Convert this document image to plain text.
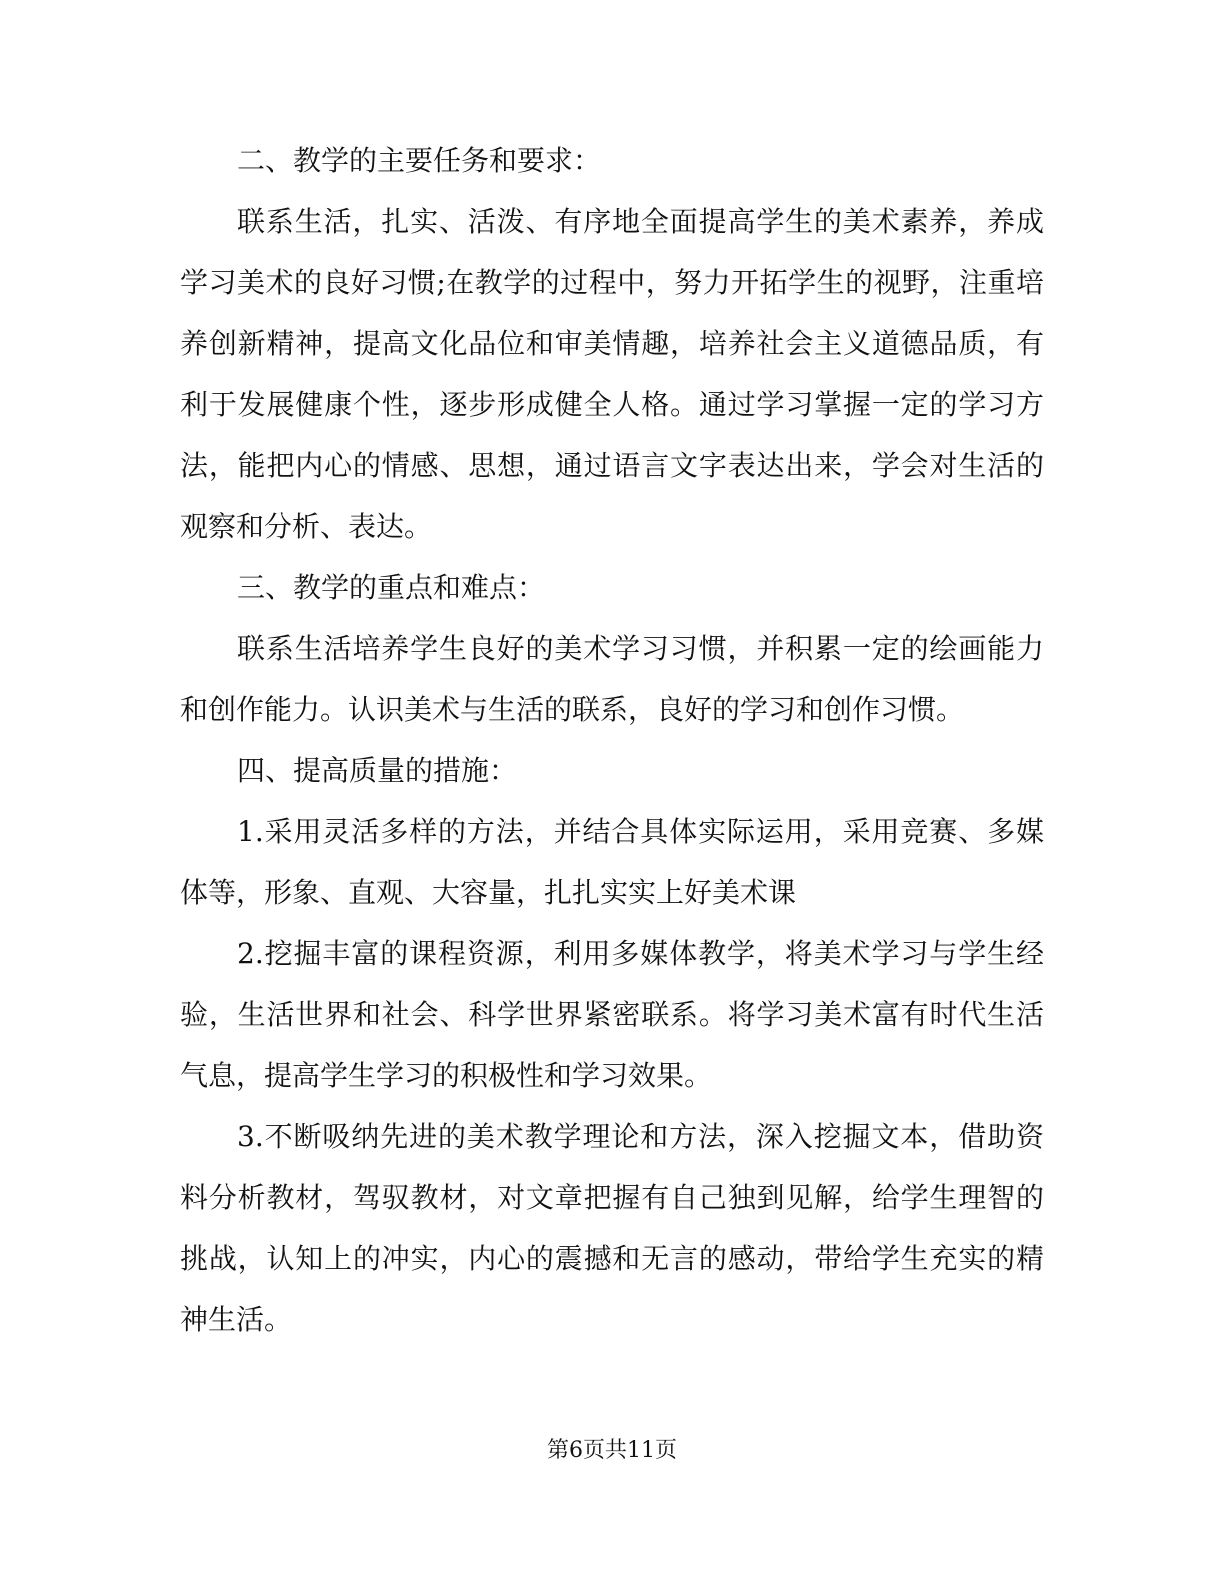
二、教学的主要任务和要求：

联系生活，扎实、活泼、有序地全面提高学生的美术素养，养成学习美术的良好习惯;在教学的过程中，努力开拓学生的视野，注重培养创新精神，提高文化品位和审美情趣，培养社会主义道德品质，有利于发展健康个性，逐步形成健全人格。通过学习掌握一定的学习方法，能把内心的情感、思想，通过语言文字表达出来，学会对生活的观察和分析、表达。

三、教学的重点和难点：

联系生活培养学生良好的美术学习习惯，并积累一定的绘画能力和创作能力。认识美术与生活的联系，良好的学习和创作习惯。

四、提高质量的措施：

1.采用灵活多样的方法，并结合具体实际运用，采用竞赛、多媒体等，形象、直观、大容量，扎扎实实上好美术课

2.挖掘丰富的课程资源，利用多媒体教学，将美术学习与学生经验，生活世界和社会、科学世界紧密联系。将学习美术富有时代生活气息，提高学生学习的积极性和学习效果。

3.不断吸纳先进的美术教学理论和方法，深入挖掘文本，借助资料分析教材，驾驭教材，对文章把握有自己独到见解，给学生理智的挑战，认知上的冲实，内心的震撼和无言的感动，带给学生充实的精神生活。

第6页共11页
